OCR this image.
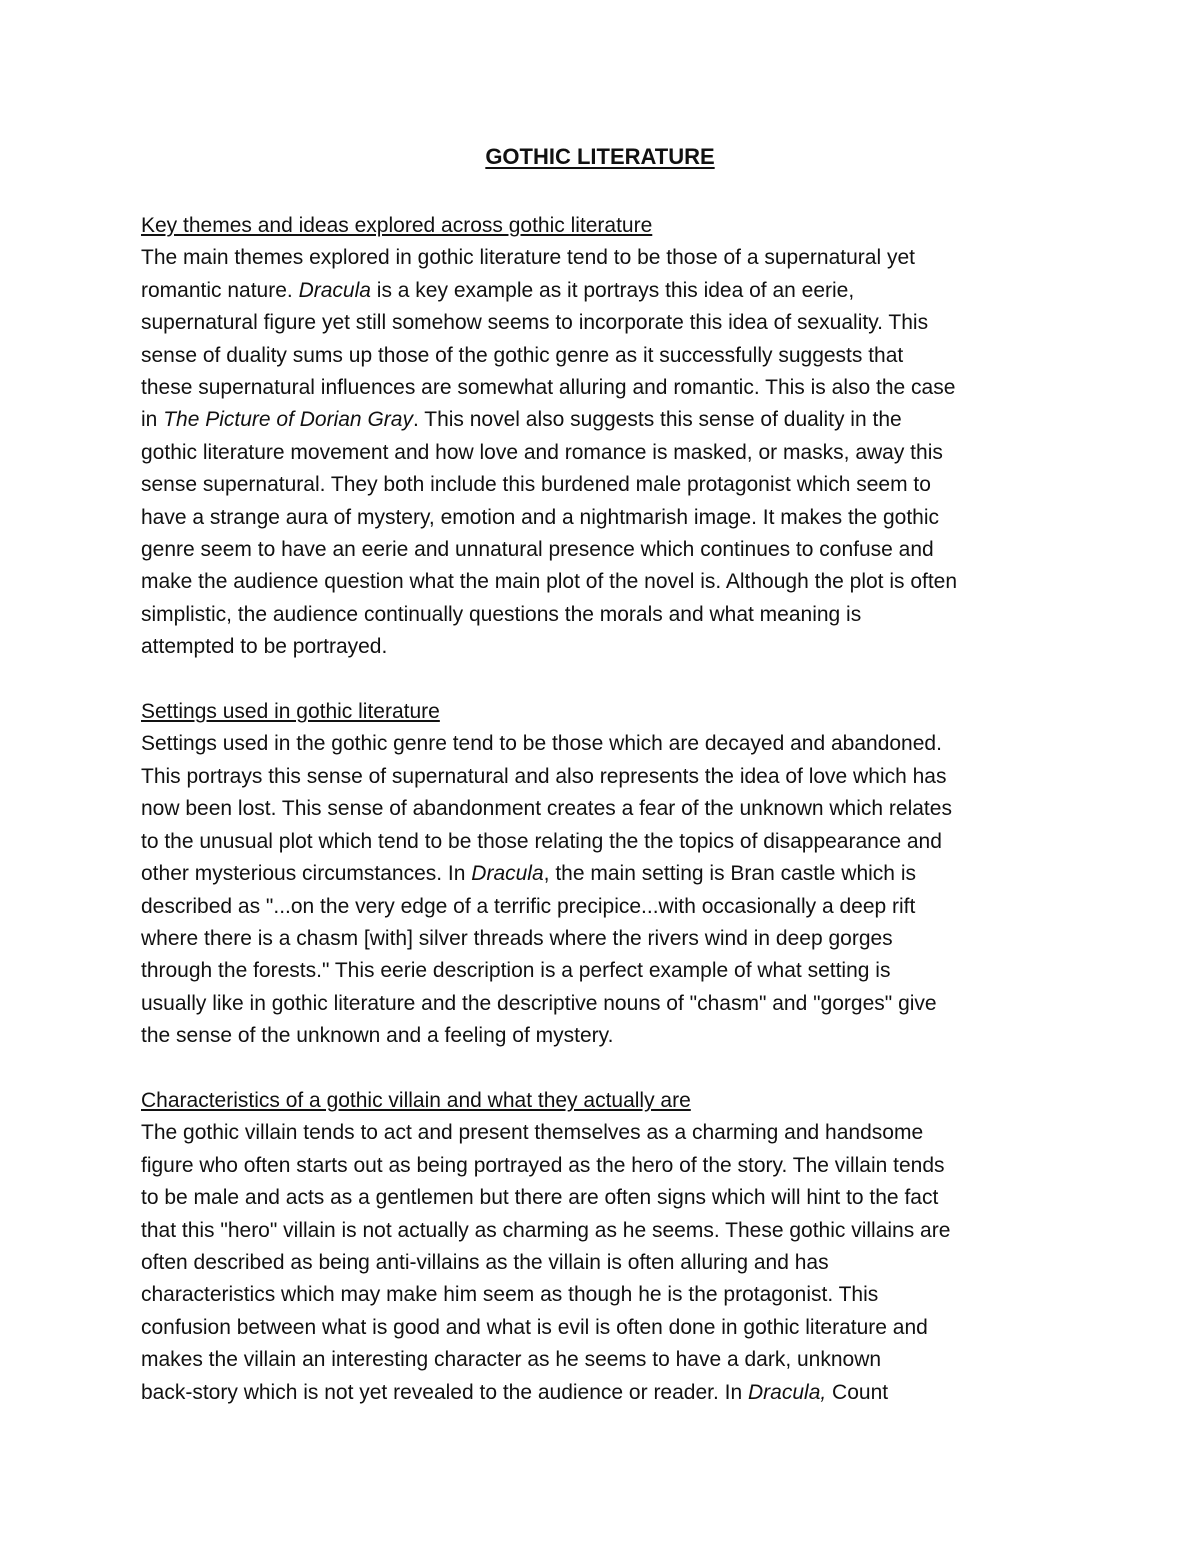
GOTHIC LITERATURE
Key themes and ideas explored across gothic literature

The main themes explored in gothic literature tend to be those of a supernatural yet
romantic nature. Dracula is a key example as it portrays this idea of an eerie,
supernatural figure yet still somehow seems to incorporate this idea of sexuality. This
sense of duality sums up those of the gothic genre as it successfully suggests that
these supernatural influences are somewhat alluring and romantic. This is also the case
in The Picture of Dorian Gray. This novel also suggests this sense of duality in the
gothic literature movement and how love and romance is masked, or masks, away this
sense supernatural. They both include this burdened male protagonist which seem to
have a strange aura of mystery, emotion and a nightmarish image. It makes the gothic
genre seem to have an eerie and unnatural presence which continues to confuse and
make the audience question what the main plot of the novel is. Although the plot is often
simplistic, the audience continually questions the morals and what meaning is
attempted to be portrayed.

Settings used in gothic literature

Settings used in the gothic genre tend to be those which are decayed and abandoned.
This portrays this sense of supernatural and also represents the idea of love which has
now been lost. This sense of abandonment creates a fear of the unknown which relates
to the unusual plot which tend to be those relating the the topics of disappearance and
other mysterious circumstances. In Dracula, the main setting is Bran castle which is
described as "...on the very edge of a terrific precipice...with occasionally a deep rift
where there is a chasm [with] silver threads where the rivers wind in deep gorges
through the forests." This eerie description is a perfect example of what setting is
usually like in gothic literature and the descriptive nouns of "chasm" and "gorges" give
the sense of the unknown and a feeling of mystery.

Characteristics of a gothic villain and what they actually are

The gothic villain tends to act and present themselves as a charming and handsome
figure who often starts out as being portrayed as the hero of the story. The villain tends
to be male and acts as a gentlemen but there are often signs which will hint to the fact
that this "hero" villain is not actually as charming as he seems. These gothic villains are
often described as being anti-villains as the villain is often alluring and has
characteristics which may make him seem as though he is the protagonist. This
confusion between what is good and what is evil is often done in gothic literature and
makes the villain an interesting character as he seems to have a dark, unknown
back-story which is not yet revealed to the audience or reader. In Dracula, Count
